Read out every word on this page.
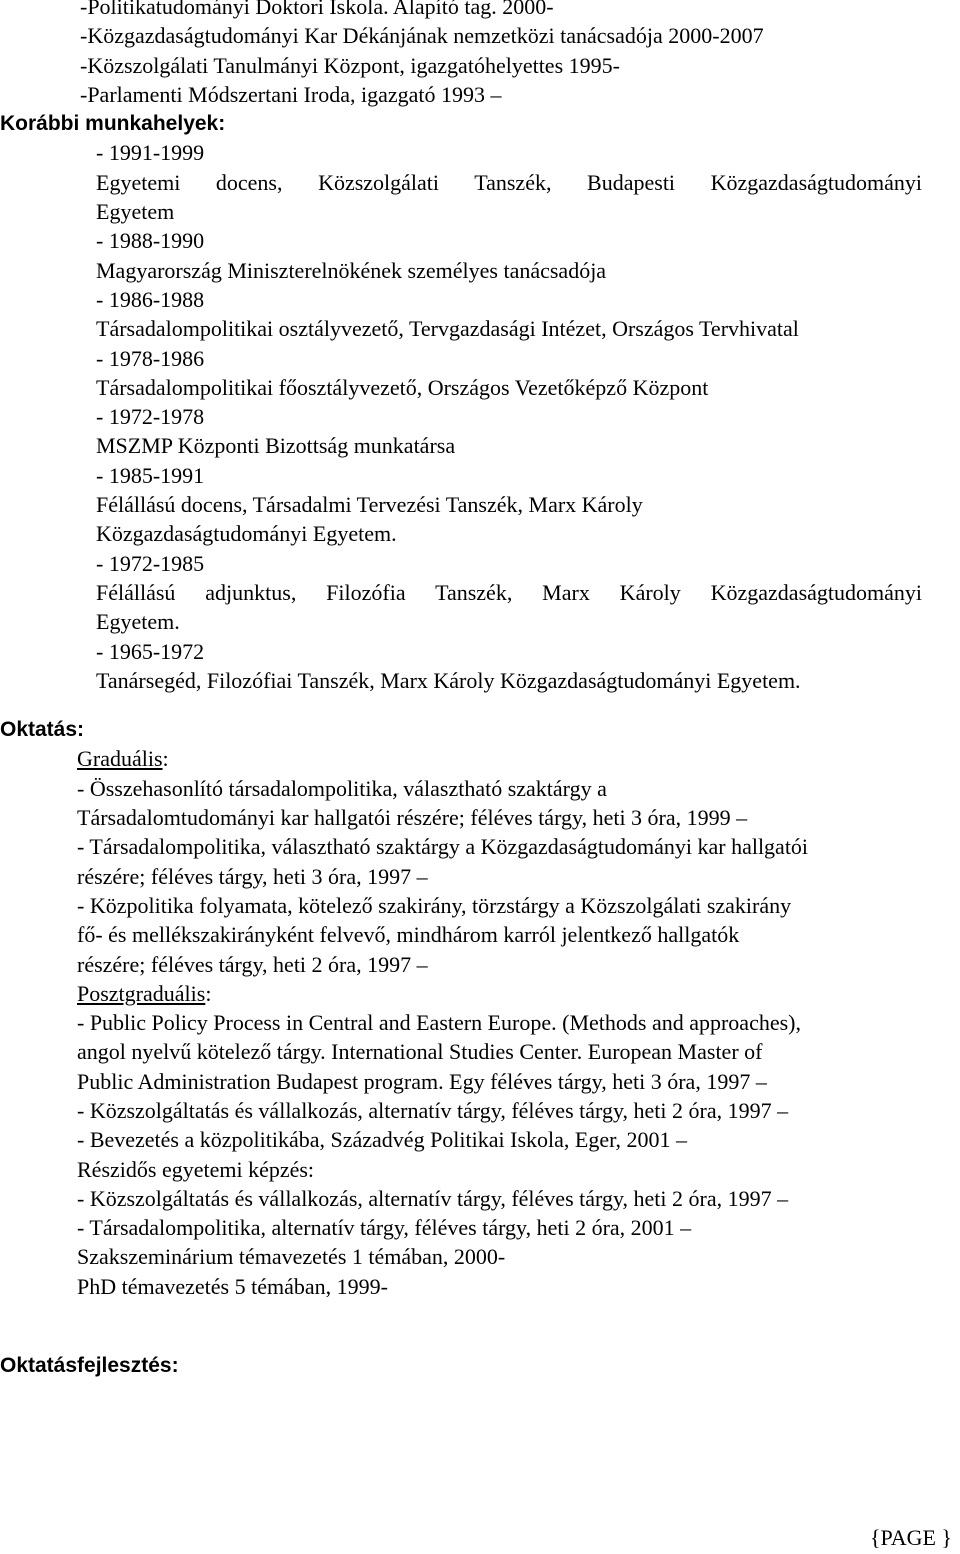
-Politikatudományi Doktori Iskola. Alapító tag. 2000-
-Közgazdaságtudományi Kar Dékánjának nemzetközi tanácsadója 2000-2007
-Közszolgálati Tanulmányi Központ, igazgatóhelyettes 1995-
-Parlamenti Módszertani Iroda, igazgató 1993 –
Korábbi munkahelyek:
- 1991-1999
Egyetemi docens, Közszolgálati Tanszék, Budapesti Közgazdaságtudományi
Egyetem
- 1988-1990
Magyarország Miniszterelnökének személyes tanácsadója
- 1986-1988
Társadalompolitikai osztályvezető, Tervgazdasági Intézet, Országos Tervhivatal
- 1978-1986
Társadalompolitikai főosztályvezető, Országos Vezetőképző Központ
- 1972-1978
MSZMP Központi Bizottság munkatársa
- 1985-1991
Félállású docens, Társadalmi Tervezési Tanszék, Marx Károly
Közgazdaságtudományi Egyetem.
- 1972-1985
Félállású adjunktus, Filozófia Tanszék, Marx Károly Közgazdaságtudományi
Egyetem.
- 1965-1972
Tanársegéd, Filozófiai Tanszék, Marx Károly Közgazdaságtudományi Egyetem.
Oktatás:
Graduális:
- Összehasonlító társadalompolitika, választható szaktárgy a
Társadalomtudományi kar hallgatói részére; féléves tárgy, heti 3 óra, 1999 –
- Társadalompolitika, választható szaktárgy a Közgazdaságtudományi kar hallgatói
részére; féléves tárgy, heti 3 óra, 1997 –
- Közpolitika folyamata, kötelező szakirány, törzstárgy a Közszolgálati szakirány
fő- és mellékszakirányként felvevő, mindhárom karról jelentkező hallgatók
részére; féléves tárgy, heti 2 óra, 1997 –
Posztgraduális:
- Public Policy Process in Central and Eastern Europe. (Methods and approaches),
angol nyelvű kötelező tárgy. International Studies Center. European Master of
Public Administration Budapest program. Egy féléves tárgy, heti 3 óra, 1997 –
- Közszolgáltatás és vállalkozás, alternatív tárgy, féléves tárgy, heti 2 óra, 1997 –
- Bevezetés a közpolitikába, Századvég Politikai Iskola, Eger, 2001 –
Részidős egyetemi képzés:
- Közszolgáltatás és vállalkozás, alternatív tárgy, féléves tárgy, heti 2 óra, 1997 –
- Társadalompolitika, alternatív tárgy, féléves tárgy, heti 2 óra, 2001 –
Szakszeminárium témavezetés 1 témában, 2000-
PhD témavezetés 5 témában, 1999-
Oktatásfejlesztés:
{PAGE }
